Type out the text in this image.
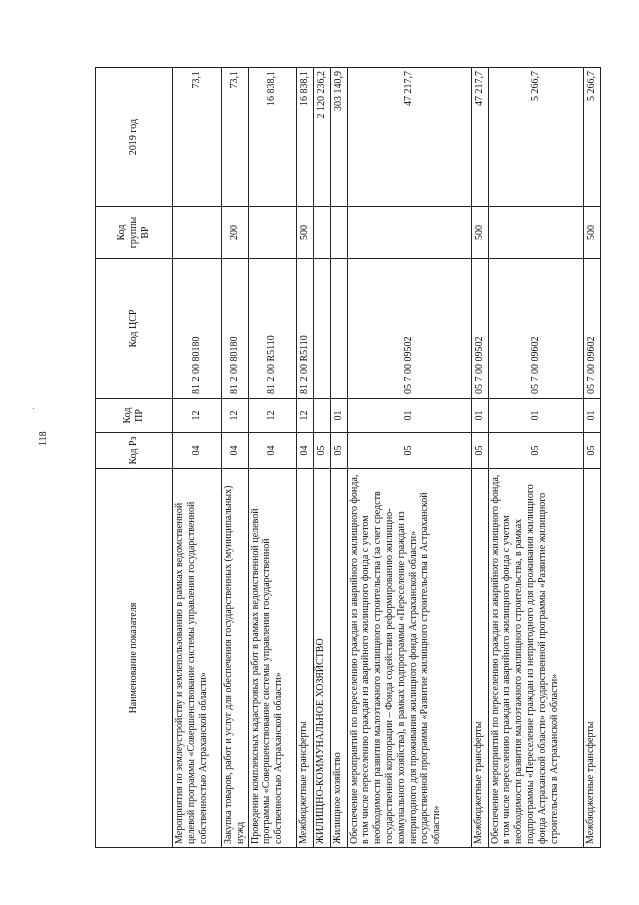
118
Наименование показателя	Код Рз	Код ПР	Код ЦСР	Код группы ВР	2019 год
Мероприятия по землеустройству и землепользованию в рамках ведомственной целевой программы «Совершенствование системы управления государственной собственностью Астраханской области»	04	12	81 2 00 80180		73,1
Закупка товаров, работ и услуг для обеспечения государственных (муниципальных) нужд	04	12	81 2 00 80180	200	73,1
Проведение комплексных кадастровых работ в рамках ведомственной целевой программы «Совершенствование системы управления государственной собственностью Астраханской области»	04	12	81 2 00 R5110		16 838,1
Межбюджетные трансферты	04	12	81 2 00 R5110	500	16 838,1
ЖИЛИЩНО-КОММУНАЛЬНОЕ ХОЗЯЙСТВО	05				2 120 236,2
Жилищное хозяйство	05	01			303 140,9
Обеспечение мероприятий по переселению граждан из аварийного жилищного фонда, в том числе переселению граждан из аварийного жилищного фонда с учетом необходимости развития малоэтажного жилищного строительства (за счет средств государственной корпорации – Фонда содействия реформированию жилищно-коммунального хозяйства), в рамках подпрограммы «Переселение граждан из непригодного для проживания жилищного фонда Астраханской области» государственной программы «Развитие жилищного строительства в Астраханской области»	05	01	05 7 00 09502		47 217,7
Межбюджетные трансферты	05	01	05 7 00 09502	500	47 217,7
Обеспечение мероприятий по переселению граждан из аварийного жилищного фонда, в том числе переселению граждан из аварийного жилищного фонда с учетом необходимости развития малоэтажного жилищного строительства, в рамках подпрограммы «Переселение граждан из непригодного для проживания жилищного фонда Астраханской области» государственной программы «Развитие жилищного строительства в Астраханской области»	05	01	05 7 00 09602		5 266,7
Межбюджетные трансферты	05	01	05 7 00 09602	500	5 266,7
